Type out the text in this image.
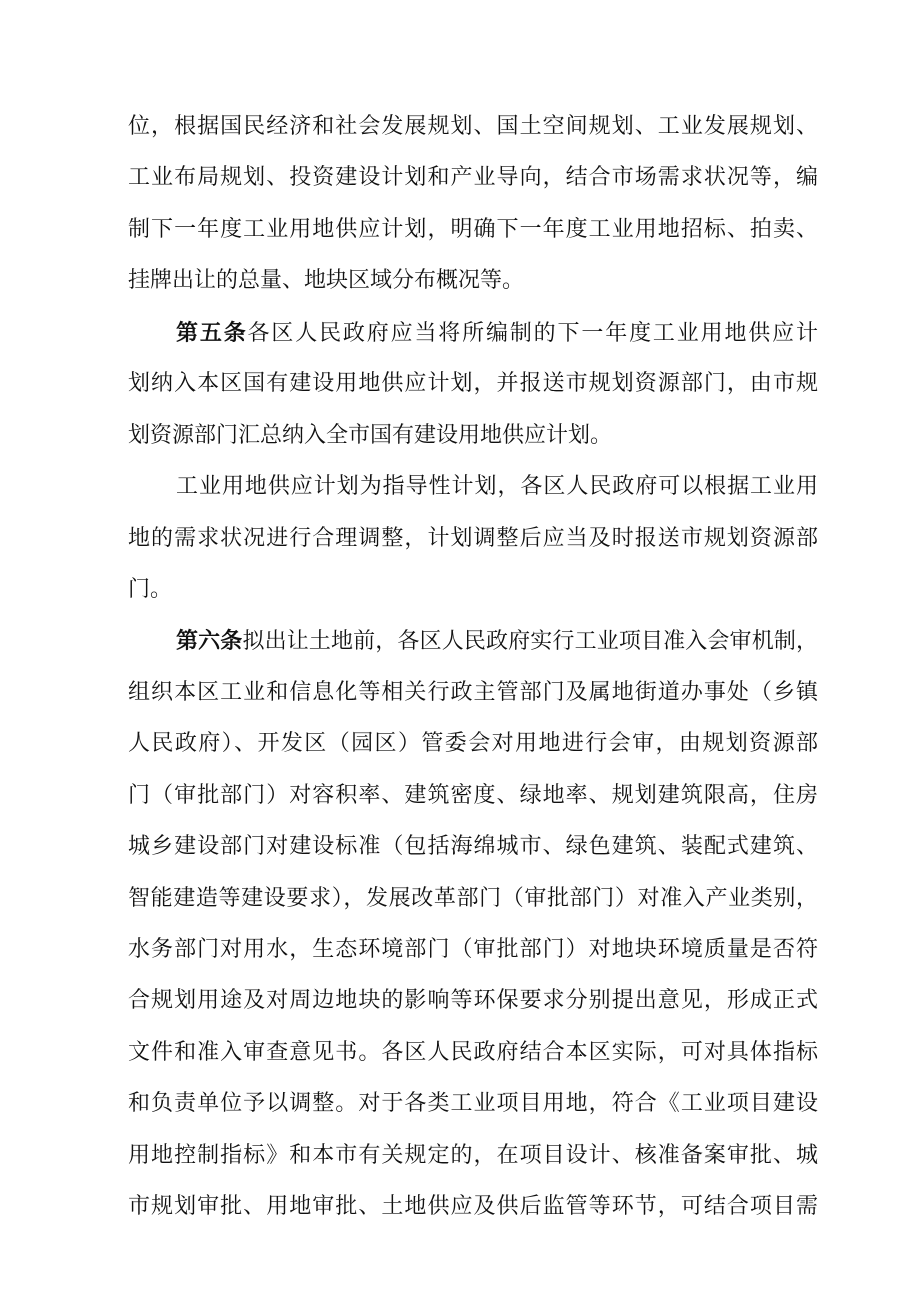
位，根据国民经济和社会发展规划、国土空间规划、工业发展规划、
工业布局规划、投资建设计划和产业导向，结合市场需求状况等，编
制下一年度工业用地供应计划，明确下一年度工业用地招标、拍卖、
挂牌出让的总量、地块区域分布概况等。
第五条各区人民政府应当将所编制的下一年度工业用地供应计
划纳入本区国有建设用地供应计划，并报送市规划资源部门，由市规
划资源部门汇总纳入全市国有建设用地供应计划。
工业用地供应计划为指导性计划，各区人民政府可以根据工业用
地的需求状况进行合理调整，计划调整后应当及时报送市规划资源部
门。
第六条拟出让土地前，各区人民政府实行工业项目准入会审机制，
组织本区工业和信息化等相关行政主管部门及属地街道办事处（乡镇
人民政府）、开发区（园区）管委会对用地进行会审，由规划资源部
门（审批部门）对容积率、建筑密度、绿地率、规划建筑限高，住房
城乡建设部门对建设标准（包括海绵城市、绿色建筑、装配式建筑、
智能建造等建设要求），发展改革部门（审批部门）对准入产业类别，
水务部门对用水，生态环境部门（审批部门）对地块环境质量是否符
合规划用途及对周边地块的影响等环保要求分别提出意见，形成正式
文件和准入审查意见书。各区人民政府结合本区实际，可对具体指标
和负责单位予以调整。对于各类工业项目用地，符合《工业项目建设
用地控制指标》和本市有关规定的，在项目设计、核准备案审批、城
市规划审批、用地审批、土地供应及供后监管等环节，可结合项目需
